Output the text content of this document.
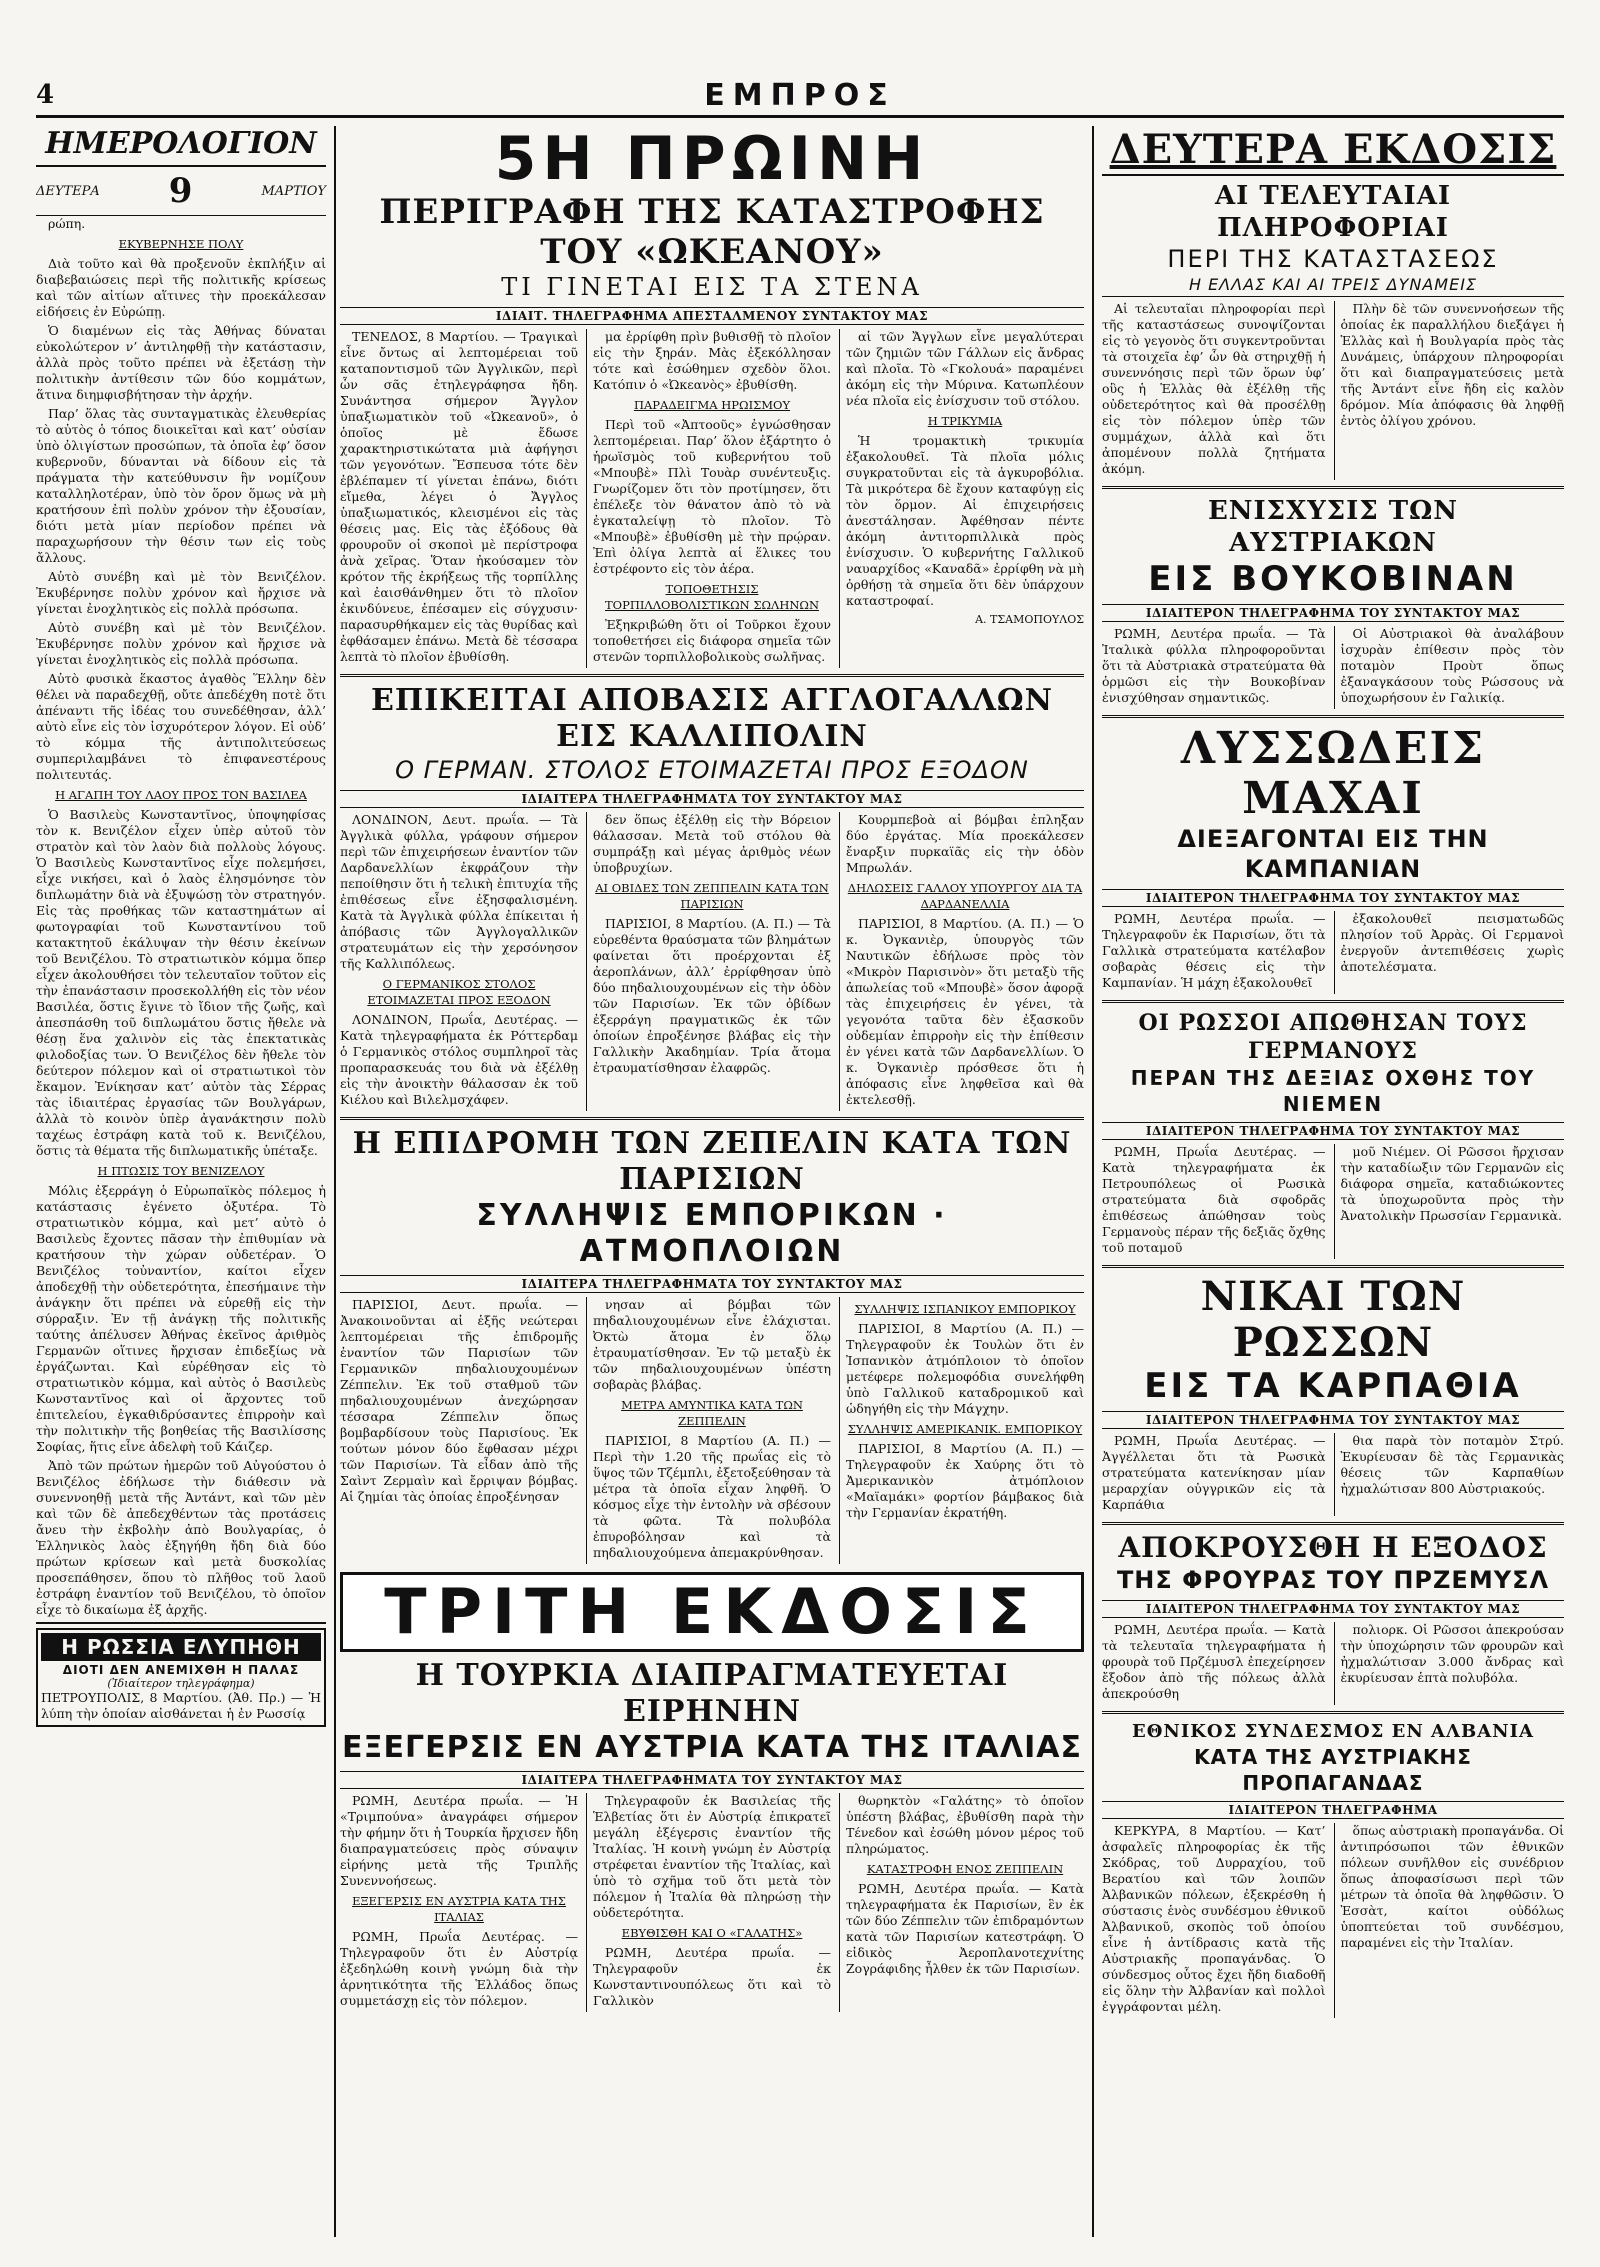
4	ΕΜΠΡΟΣ
ΗΜΕΡΟΛΟΓΙΟΝ
ΔΕΥΤΕΡΑ 9	ΜΑΡΤΙΟΥ

ρώπη.

ΕΚΥΒΕΡΝΗΣΕ ΠΟΛΥ

Διὰ τοῦτο καὶ θὰ προξενοῦν ἐκπλήξιν αἱ διαβεβαιώσεις περὶ τῆς πολιτικῆς κρίσεως καὶ τῶν αἰτίων αἵτινες τὴν προεκάλεσαν εἰδήσεις ἐν Εὐρώπῃ.

Ὁ διαμένων εἰς τὰς Ἀθήνας δύναται εὐκολώτερον ν’ ἀντιληφθῇ τὴν κατάστασιν, ἀλλὰ πρὸς τοῦτο πρέπει νὰ ἐξετάσῃ τὴν πολιτικὴν ἀντίθεσιν τῶν δύο κομμάτων, ἅτινα διημφισβήτησαν τὴν ἀρχήν.

Παρ’ ὅλας τὰς συνταγματικὰς ἐλευθερίας τὸ αὐτὸς ὁ τόπος διοικεῖται καὶ κατ’ οὐσίαν ὑπὸ ὀλιγίστων προσώπων, τὰ ὁποῖα ἐφ’ ὅσον κυβερνοῦν, δύνανται νὰ δίδουν εἰς τὰ πράγματα τὴν κατεύθυνσιν ἣν νομίζουν καταλληλοτέραν, ὑπὸ τὸν ὅρον ὅμως νὰ μὴ κρατήσουν ἐπὶ πολὺν χρόνον τὴν ἐξουσίαν, διότι μετὰ μίαν περίοδον πρέπει νὰ παραχωρήσουν τὴν θέσιν των εἰς τοὺς ἄλλους.

Αὐτὸ συνέβη καὶ μὲ τὸν Βενιζέλον. Ἐκυβέρνησε πολὺν χρόνον καὶ ἤρχισε νὰ γίνεται ἐνοχλητικὸς εἰς πολλὰ πρόσωπα.

Αὐτὸ συνέβη καὶ μὲ τὸν Βενιζέλον. Ἐκυβέρνησε πολὺν χρόνον καὶ ἤρχισε νὰ γίνεται ἐνοχλητικὸς εἰς πολλὰ πρόσωπα.

Αὐτὸ φυσικὰ ἕκαστος ἀγαθὸς Ἕλλην δὲν θέλει νὰ παραδεχθῇ, οὔτε ἀπεδέχθη ποτὲ ὅτι ἀπέναντι τῆς ἰδέας του συνεδέθησαν, ἀλλ’ αὐτὸ εἶνε εἰς τὸν ἰσχυρότερον λόγον. Εἰ οὐδ’ τὸ κόμμα τῆς ἀντιπολιτεύσεως συμπεριλαμβάνει τὸ ἐπιφανεστέρους πολιτευτάς.

Η ΑΓΑΠΗ ΤΟΥ ΛΑΟΥ ΠΡΟΣ ΤΟΝ ΒΑΣΙΛΕΑ

Ὁ Βασιλεὺς Κωνσταντῖνος, ὑποψηφίσας τὸν κ. Βενιζέλον εἶχεν ὑπὲρ αὐτοῦ τὸν στρατὸν καὶ τὸν λαὸν διὰ πολλοὺς λόγους. Ὁ Βασιλεὺς Κωνσταντῖνος εἶχε πολεμήσει, εἶχε νικήσει, καὶ ὁ λαὸς ἐλησμόνησε τὸν διπλωμάτην διὰ νὰ ἐξυψώσῃ τὸν στρατηγόν. Εἰς τὰς προθήκας τῶν καταστημάτων αἱ φωτογραφίαι τοῦ Κωνσταντίνου τοῦ κατακτητοῦ ἐκάλυψαν τὴν θέσιν ἐκείνων τοῦ Βενιζέλου. Τὸ στρατιωτικὸν κόμμα ὅπερ εἶχεν ἀκολουθήσει τὸν τελευταῖον τοῦτον εἰς τὴν ἐπανάστασιν προσεκολλήθη εἰς τὸν νέον Βασιλέα, ὅστις ἔγινε τὸ ἴδιον τῆς ζωῆς, καὶ ἀπεσπάσθη τοῦ διπλωμάτου ὅστις ἤθελε νὰ θέσῃ ἕνα χαλινὸν εἰς τὰς ἐπεκτατικὰς φιλοδοξίας των. Ὁ Βενιζέλος δὲν ἤθελε τὸν δεύτερον πόλεμον καὶ οἱ στρατιωτικοὶ τὸν ἔκαμον. Ἐνίκησαν κατ’ αὐτὸν τὰς Σέρρας τὰς ἰδιαιτέρας ἐργασίας τῶν Βουλγάρων, ἀλλὰ τὸ κοινὸν ὑπὲρ ἀγανάκτησιν πολὺ ταχέως ἐστράφη κατὰ τοῦ κ. Βενιζέλου, ὅστις τὰ θέματα τῆς διπλωματικῆς ὑπέταξε.

Η ΠΤΩΣΙΣ ΤΟΥ ΒΕΝΙΖΕΛΟΥ

Μόλις ἐξερράγη ὁ Εὐρωπαϊκὸς πόλεμος ἡ κατάστασις ἐγένετο ὀξυτέρα. Τὸ στρατιωτικὸν κόμμα, καὶ μετ’ αὐτὸ ὁ Βασιλεὺς ἔχοντες πᾶσαν τὴν ἐπιθυμίαν νὰ κρατήσουν τὴν χώραν οὐδετέραν. Ὁ Βενιζέλος τοὐναντίον, καίτοι εἶχεν ἀποδεχθῇ τὴν οὐδετερότητα, ἐπεσήμαινε τὴν ἀνάγκην ὅτι πρέπει νὰ εὑρεθῇ εἰς τὴν σύρραξιν. Ἐν τῇ ἀνάγκῃ τῆς πολιτικῆς ταύτης ἀπέλυσεν Ἀθήνας ἐκεῖνος ἀριθμὸς Γερμανῶν οἵτινες ἤρχισαν ἐπιδεξίως νὰ ἐργάζωνται. Καὶ εὑρέθησαν εἰς τὸ στρατιωτικὸν κόμμα, καὶ αὐτὸς ὁ Βασιλεὺς Κωνσταντῖνος καὶ οἱ ἄρχοντες τοῦ ἐπιτελείου, ἐγκαθιδρύσαντες ἐπιρροὴν καὶ τὴν πολιτικὴν τῆς βοηθείας τῆς Βασιλίσσης Σοφίας, ἥτις εἶνε ἀδελφὴ τοῦ Κάιζερ.

Ἀπὸ τῶν πρώτων ἡμερῶν τοῦ Αὐγούστου ὁ Βενιζέλος ἐδήλωσε τὴν διάθεσιν νὰ συνεννοηθῇ μετὰ τῆς Ἀντάντ, καὶ τῶν μὲν καὶ τῶν δὲ ἀπεδεχθέντων τὰς προτάσεις ἄνευ τὴν ἐκβολὴν ἀπὸ Βουλγαρίας, ὁ Ἑλληνικὸς λαὸς ἐξηγήθη ἤδη διὰ δύο πρώτων κρίσεων καὶ μετὰ δυσκολίας προσεπάθησεν, ὅπου τὸ πλῆθος τοῦ λαοῦ ἐστράφη ἐναντίον τοῦ Βενιζέλου, τὸ ὁποῖον εἶχε τὸ δικαίωμα ἐξ ἀρχῆς.

Η ΡΩΣΣΙΑ ΕΛΥΠΗΘΗ
ΔΙΟΤΙ ΔΕΝ ΑΝΕΜΙΧΘΗ Η ΠΑΛΑΣ
(Ἰδιαίτερον τηλεγράφημα)
ΠΕΤΡΟΥΠΟΛΙΣ, 8 Μαρτίου. (Ἀθ. Πρ.) — Ἡ λύπη τὴν ὁποίαν αἰσθάνεται ἡ ἐν Ρωσσίᾳ
5Η ΠΡΩΙΝΗ
ΠΕΡΙΓΡΑΦΗ ΤΗΣ ΚΑΤΑΣΤΡΟΦΗΣ ΤΟΥ «ΩΚΕΑΝΟΥ»
ΤΙ ΓΙΝΕΤΑΙ ΕΙΣ ΤΑ ΣΤΕΝΑ
ΙΔΙΑΙΤ. ΤΗΛΕΓΡΑΦΗΜΑ ΑΠΕΣΤΑΛΜΕΝΟΥ ΣΥΝΤΑΚΤΟΥ ΜΑΣ

ΤΕΝΕΔΟΣ, 8 Μαρτίου. — Τραγικαὶ εἶνε ὄντως αἱ λεπτομέρειαι τοῦ καταποντισμοῦ τῶν Ἀγγλικῶν, περὶ ὧν σᾶς ἐτηλεγράφησα ἤδη. Συνάντησα σήμερον Ἄγγλον ὑπαξιωματικὸν τοῦ «Ὠκεανοῦ», ὁ ὁποῖος μὲ ἔδωσε χαρακτηριστικώτατα μιὰ ἀφήγησι τῶν γεγονότων. Ἔσπευσα τότε δὲν ἐβλέπαμεν τί γίνεται ἐπάνω, διότι εἴμεθα, λέγει ὁ Ἄγγλος ὑπαξιωματικός, κλεισμένοι εἰς τὰς θέσεις μας. Εἰς τὰς ἐξόδους θὰ φρουροῦν οἱ σκοποὶ μὲ περίστροφα ἀνὰ χεῖρας. Ὅταν ἠκούσαμεν τὸν κρότον τῆς ἐκρήξεως τῆς τορπίλλης καὶ ἐαισθάνθημεν ὅτι τὸ πλοῖον ἐκινδύνευε, ἐπέσαμεν εἰς σύγχυσιν· παρασυρθήκαμεν εἰς τὰς θυρίδας καὶ ἐφθάσαμεν ἐπάνω. Μετὰ δὲ τέσσαρα λεπτὰ τὸ πλοῖον ἐβυθίσθη.

μα ἐρρίφθη πρὶν βυθισθῇ τὸ πλοῖον εἰς τὴν ξηράν. Μὰς ἐξεκόλλησαν τότε καὶ ἐσώθημεν σχεδὸν ὅλοι. Κατόπιν ὁ «Ὠκεανὸς» ἐβυθίσθη.

ΠΑΡΑΔΕΙΓΜΑ ΗΡΩΙΣΜΟΥ

Περὶ τοῦ «Ἀπτοοῦς» ἐγνώσθησαν λεπτομέρειαι. Παρ’ ὅλον ἐξάρτητο ὁ ἡρωϊσμὸς τοῦ κυβερνήτου τοῦ «Μπουβὲ» Πλὶ Τουὰρ συνέντευξις. Γνωρίζομεν ὅτι τὸν προτίμησεν, ὅτι ἐπέλεξε τὸν θάνατον ἀπὸ τὸ νὰ ἐγκαταλείψῃ τὸ πλοῖον. Τὸ «Μπουβὲ» ἐβυθίσθη μὲ τὴν πρῴραν. Ἐπὶ ὀλίγα λεπτὰ αἱ ἕλικες του ἐστρέφοντο εἰς τὸν ἀέρα.

ΤΟΠΟΘΕΤΗΣΙΣ ΤΟΡΠΙΛΛΟΒΟΛΙΣΤΙΚΩΝ ΣΩΛΗΝΩΝ

Ἐξηκριβώθη ὅτι οἱ Τοῦρκοι ἔχουν τοποθετήσει εἰς διάφορα σημεῖα τῶν στενῶν τορπιλλοβολικοὺς σωλῆνας.

αἱ τῶν Ἄγγλων εἶνε μεγαλύτεραι τῶν ζημιῶν τῶν Γάλλων εἰς ἄνδρας καὶ πλοῖα. Τὸ «Γκολουά» παραμένει ἀκόμη εἰς τὴν Μύρινα. Κατωπλέουν νέα πλοῖα εἰς ἐνίσχυσιν τοῦ στόλου.

Η ΤΡΙΚΥΜΙΑ

Ἡ τρομακτικὴ τρικυμία ἐξακολουθεῖ. Τὰ πλοῖα μόλις συγκρατοῦνται εἰς τὰ ἀγκυροβόλια. Τὰ μικρότερα δὲ ἔχουν καταφύγῃ εἰς τὸν ὅρμον. Αἱ ἐπιχειρήσεις ἀνεστάλησαν. Ἀφέθησαν πέντε ἀκόμη ἀντιτορπιλλικὰ πρὸς ἐνίσχυσιν. Ὁ κυβερνήτης Γαλλικοῦ ναυαρχίδος «Καναδᾶ» ἐρρίφθη νὰ μὴ ὀρθήσῃ τὰ σημεῖα ὅτι δὲν ὑπάρχουν καταστροφαί.

Α. ΤΣΑΜΟΠΟΥΛΟΣ
ΕΠΙΚΕΙΤΑΙ ΑΠΟΒΑΣΙΣ ΑΓΓΛΟΓΑΛΛΩΝ ΕΙΣ ΚΑΛΛΙΠΟΛΙΝ
Ο ΓΕΡΜΑΝ. ΣΤΟΛΟΣ ΕΤΟΙΜΑΖΕΤΑΙ ΠΡΟΣ ΕΞΟΔΟΝ
ΙΔΙΑΙΤΕΡΑ ΤΗΛΕΓΡΑΦΗΜΑΤΑ ΤΟΥ ΣΥΝΤΑΚΤΟΥ ΜΑΣ

ΛΟΝΔΙΝΟΝ, Δευτ. πρωΐα. — Τὰ Ἀγγλικὰ φύλλα, γράφουν σήμερον περὶ τῶν ἐπιχειρήσεων ἐναντίον τῶν Δαρδανελλίων ἐκφράζουν τὴν πεποίθησιν ὅτι ἡ τελικὴ ἐπιτυχία τῆς ἐπιθέσεως εἶνε ἐξησφαλισμένη. Κατὰ τὰ Ἀγγλικὰ φύλλα ἐπίκειται ἡ ἀπόβασις τῶν Ἀγγλογαλλικῶν στρατευμάτων εἰς τὴν χερσόνησον τῆς Καλλιπόλεως.

Ο ΓΕΡΜΑΝΙΚΟΣ ΣΤΟΛΟΣ ΕΤΟΙΜΑΖΕΤΑΙ ΠΡΟΣ ΕΞΟΔΟΝ

ΛΟΝΔΙΝΟΝ, Πρωΐα, Δευτέρας. — Κατὰ τηλεγραφήματα ἐκ Ρόττερδαμ ὁ Γερμανικὸς στόλος συμπληροῖ τὰς προπαρασκευάς του διὰ νὰ ἐξέλθῃ εἰς τὴν ἀνοικτὴν θάλασσαν ἐκ τοῦ Κιέλου καὶ Βιλελμσχάφεν.

δεν ὅπως ἐξέλθῃ εἰς τὴν Βόρειον θάλασσαν. Μετὰ τοῦ στόλου θὰ συμπράξῃ καὶ μέγας ἀριθμὸς νέων ὑποβρυχίων.

ΑΙ ΟΒΙΔΕΣ ΤΩΝ ΖΕΠΠΕΛΙΝ ΚΑΤΑ ΤΩΝ ΠΑΡΙΣΙΩΝ

ΠΑΡΙΣΙΟΙ, 8 Μαρτίου. (Α. Π.) — Τὰ εὑρεθέντα θραύσματα τῶν βλημάτων φαίνεται ὅτι προέρχονται ἐξ ἀεροπλάνων, ἀλλ’ ἐρρίφθησαν ὑπὸ δύο πηδαλιουχουμένων εἰς τὴν ὁδὸν τῶν Παρισίων. Ἐκ τῶν ὀβίδων ἐξερράγη πραγματικῶς ἐκ τῶν ὁποίων ἐπροξένησε βλάβας εἰς τὴν Γαλλικὴν Ἀκαδημίαν. Τρία ἄτομα ἐτραυματίσθησαν ἐλαφρῶς.

Κουρμπεβοὰ αἱ βόμβαι ἐπληξαν δύο ἐργάτας. Μία προεκάλεσεν ἔναρξιν πυρκαϊᾶς εἰς τὴν ὁδὸν Μπρωλάν.

ΔΗΛΩΣΕΙΣ ΓΑΛΛΟΥ ΥΠΟΥΡΓΟΥ ΔΙΑ ΤΑ ΔΑΡΔΑΝΕΛΛΙΑ

ΠΑΡΙΣΙΟΙ, 8 Μαρτίου. (Α. Π.) — Ὁ κ. Ὀγκανιὲρ, ὑπουργὸς τῶν Ναυτικῶν ἐδήλωσε πρὸς τὸν «Μικρὸν Παρισινὸν» ὅτι μεταξὺ τῆς ἀπωλείας τοῦ «Μπουβὲ» ὅσον ἀφορᾷ τὰς ἐπιχειρήσεις ἐν γένει, τὰ γεγονότα ταῦτα δὲν ἐξασκοῦν οὐδεμίαν ἐπιρροὴν εἰς τὴν ἐπίθεσιν ἐν γένει κατὰ τῶν Δαρδανελλίων. Ὁ κ. Ὀγκανιὲρ πρόσθεσε ὅτι ἡ ἀπόφασις εἶνε ληφθεῖσα καὶ θὰ ἐκτελεσθῇ.

Η ΕΠΙΔΡΟΜΗ ΤΩΝ ΖΕΠΕΛΙΝ ΚΑΤΑ ΤΩΝ ΠΑΡΙΣΙΩΝ
ΣΥΛΛΗΨΙΣ ΕΜΠΟΡΙΚΩΝ · ΑΤΜΟΠΛΟΙΩΝ
ΙΔΙΑΙΤΕΡΑ ΤΗΛΕΓΡΑΦΗΜΑΤΑ ΤΟΥ ΣΥΝΤΑΚΤΟΥ ΜΑΣ

ΠΑΡΙΣΙΟΙ, Δευτ. πρωΐα. — Ἀνακοινοῦνται αἱ ἑξῆς νεώτεραι λεπτομέρειαι τῆς ἐπιδρομῆς ἐναντίον τῶν Παρισίων τῶν Γερμανικῶν πηδαλιουχουμένων Ζέππελιν. Ἐκ τοῦ σταθμοῦ τῶν πηδαλιουχουμένων ἀνεχώρησαν τέσσαρα Ζέππελιν ὅπως βομβαρδίσουν τοὺς Παρισίους. Ἐκ τούτων μόνον δύο ἔφθασαν μέχρι τῶν Παρισίων. Τὰ εἶδαν ἀπὸ τῆς Σαὶντ Ζερμαὶν καὶ ἔρριψαν βόμβας. Αἱ ζημίαι τὰς ὁποίας ἐπροξένησαν

νησαν αἱ βόμβαι τῶν πηδαλιουχουμένων εἶνε ἐλάχισται. Ὀκτὼ ἄτομα ἐν ὅλῳ ἐτραυματίσθησαν. Ἐν τῷ μεταξὺ ἐκ τῶν πηδαλιουχουμένων ὑπέστη σοβαρὰς βλάβας.

ΜΕΤΡΑ ΑΜΥΝΤΙΚΑ ΚΑΤΑ ΤΩΝ ΖΕΠΠΕΛΙΝ

ΠΑΡΙΣΙΟΙ, 8 Μαρτίου (Α. Π.) — Περὶ τὴν 1.20 τῆς πρωΐας εἰς τὸ ὕψος τῶν Τζέμπλι, ἐξετοξεύθησαν τὰ μέτρα τὰ ὁποῖα εἶχαν ληφθῆ. Ὁ κόσμος εἶχε τὴν ἐντολὴν νὰ σβέσουν τὰ φῶτα. Τὰ πολυβόλα ἐπυροβόλησαν καὶ τὰ πηδαλιουχούμενα ἀπεμακρύνθησαν.

ΣΥΛΛΗΨΙΣ ΙΣΠΑΝΙΚΟΥ ΕΜΠΟΡΙΚΟΥ

ΠΑΡΙΣΙΟΙ, 8 Μαρτίου (Α. Π.) — Τηλεγραφοῦν ἐκ Τουλὼν ὅτι ἐν Ἰσπανικὸν ἀτμόπλοιον τὸ ὁποῖον μετέφερε πολεμοφόδια συνελήφθη ὑπὸ Γαλλικοῦ καταδρομικοῦ καὶ ὡδηγήθη εἰς τὴν Μάγχην.

ΣΥΛΛΗΨΙΣ ΑΜΕΡΙΚΑΝΙΚ. ΕΜΠΟΡΙΚΟΥ

ΠΑΡΙΣΙΟΙ, 8 Μαρτίου (Α. Π.) — Τηλεγραφοῦν ἐκ Χαύρης ὅτι τὸ Ἀμερικανικὸν ἀτμόπλοιον «Μαϊαμάκι» φορτίον βάμβακος διὰ τὴν Γερμανίαν ἐκρατήθη.

ΤΡΙΤΗ ΕΚΔΟΣΙΣ
Η ΤΟΥΡΚΙΑ ΔΙΑΠΡΑΓΜΑΤΕΥΕΤΑΙ ΕΙΡΗΝΗΝ
ΕΞΕΓΕΡΣΙΣ ΕΝ ΑΥΣΤΡΙΑ ΚΑΤΑ ΤΗΣ ΙΤΑΛΙΑΣ
ΙΔΙΑΙΤΕΡΑ ΤΗΛΕΓΡΑΦΗΜΑΤΑ ΤΟΥ ΣΥΝΤΑΚΤΟΥ ΜΑΣ

ΡΩΜΗ, Δευτέρα πρωΐα. — Ἡ «Τριμπούνα» ἀναγράφει σήμερον τὴν φήμην ὅτι ἡ Τουρκία ἤρχισεν ἤδη διαπραγματεύσεις πρὸς σύναψιν εἰρήνης μετὰ τῆς Τριπλῆς Συνεννοήσεως.

ΕΞΕΓΕΡΣΙΣ ΕΝ ΑΥΣΤΡΙΑ ΚΑΤΑ ΤΗΣ ΙΤΑΛΙΑΣ

ΡΩΜΗ, Πρωΐα Δευτέρας. — Τηλεγραφοῦν ὅτι ἐν Αὐστρίᾳ ἐξεδηλώθη κοινὴ γνώμη διὰ τὴν ἀρνητικότητα τῆς Ἑλλάδος ὅπως συμμετάσχῃ εἰς τὸν πόλεμον.

Τηλεγραφοῦν ἐκ Βασιλείας τῆς Ἑλβετίας ὅτι ἐν Αὐστρίᾳ ἐπικρατεῖ μεγάλη ἐξέγερσις ἐναντίον τῆς Ἰταλίας. Ἡ κοινὴ γνώμη ἐν Αὐστρίᾳ στρέφεται ἐναντίον τῆς Ἰταλίας, καὶ ὑπὸ τὸ σχῆμα τοῦ ὅτι μετὰ τὸν πόλεμον ἡ Ἰταλία θὰ πληρώσῃ τὴν οὐδετερότητα.

ΕΒΥΘΙΣΘΗ ΚΑΙ Ο «ΓΑΛΑΤΗΣ»

ΡΩΜΗ, Δευτέρα πρωΐα. — Τηλεγραφοῦν ἐκ Κωνσταντινουπόλεως ὅτι καὶ τὸ Γαλλικὸν

θωρηκτὸν «Γαλάτης» τὸ ὁποῖον ὑπέστη βλάβας, ἐβυθίσθη παρὰ τὴν Τένεδον καὶ ἐσώθη μόνον μέρος τοῦ πληρώματος.

ΚΑΤΑΣΤΡΟΦΗ ΕΝΟΣ ΖΕΠΠΕΛΙΝ

ΡΩΜΗ, Δευτέρα πρωΐα. — Κατὰ τηλεγραφήματα ἐκ Παρισίων, ἓν ἐκ τῶν δύο Ζέππελιν τῶν ἐπιδραμόντων κατὰ τῶν Παρισίων κατεστράφη. Ὁ εἰδικὸς Ἀεροπλανοτεχνίτης Ζογράφιδης ἦλθεν ἐκ τῶν Παρισίων.

ΔΕΥΤΕΡΑ ΕΚΔΟΣΙΣ
ΑΙ ΤΕΛΕΥΤΑΙΑΙ ΠΛΗΡΟΦΟΡΙΑΙ
ΠΕΡΙ ΤΗΣ ΚΑΤΑΣΤΑΣΕΩΣ
Η ΕΛΛΑΣ ΚΑΙ ΑΙ ΤΡΕΙΣ ΔΥΝΑΜΕΙΣ

Αἱ τελευταῖαι πληροφορίαι περὶ τῆς καταστάσεως συνοψίζονται εἰς τὸ γεγονὸς ὅτι συγκεντροῦνται τὰ στοιχεῖα ἐφ’ ὧν θὰ στηριχθῇ ἡ συνεννόησις περὶ τῶν ὅρων ὑφ’ οὓς ἡ Ἑλλὰς θὰ ἐξέλθῃ τῆς οὐδετερότητος καὶ θὰ προσέλθῃ εἰς τὸν πόλεμον ὑπὲρ τῶν συμμάχων, ἀλλὰ καὶ ὅτι ἀπομένουν πολλὰ ζητήματα ἀκόμη.

Πλὴν δὲ τῶν συνεννοήσεων τῆς ὁποίας ἐκ παραλλήλου διεξάγει ἡ Ἑλλὰς καὶ ἡ Βουλγαρία πρὸς τὰς Δυνάμεις, ὑπάρχουν πληροφορίαι ὅτι καὶ διαπραγματεύσεις μετὰ τῆς Ἀντάντ εἶνε ἤδη εἰς καλὸν δρόμον. Μία ἀπόφασις θὰ ληφθῇ ἐντὸς ὀλίγου χρόνου.

ΕΝΙΣΧΥΣΙΣ ΤΩΝ ΑΥΣΤΡΙΑΚΩΝ
ΕΙΣ ΒΟΥΚΟΒΙΝΑΝ
ΙΔΙΑΙΤΕΡΟΝ ΤΗΛΕΓΡΑΦΗΜΑ ΤΟΥ ΣΥΝΤΑΚΤΟΥ ΜΑΣ

ΡΩΜΗ, Δευτέρα πρωΐα. — Τὰ Ἰταλικὰ φύλλα πληροφοροῦνται ὅτι τὰ Αὐστριακὰ στρατεύματα θὰ ὁρμῶσι εἰς τὴν Βουκοβίναν ἐνισχύθησαν σημαντικῶς.

Οἱ Αὐστριακοὶ θὰ ἀναλάβουν ἰσχυρὰν ἐπίθεσιν πρὸς τὸν ποταμὸν Προὺτ ὅπως ἐξαναγκάσουν τοὺς Ρώσσους νὰ ὑποχωρήσουν ἐν Γαλικίᾳ.

ΛΥΣΣΩΔΕΙΣ ΜΑΧΑΙ
ΔΙΕΞΑΓΟΝΤΑΙ ΕΙΣ ΤΗΝ ΚΑΜΠΑΝΙΑΝ
ΙΔΙΑΙΤΕΡΟΝ ΤΗΛΕΓΡΑΦΗΜΑ ΤΟΥ ΣΥΝΤΑΚΤΟΥ ΜΑΣ

ΡΩΜΗ, Δευτέρα πρωΐα. — Τηλεγραφοῦν ἐκ Παρισίων, ὅτι τὰ Γαλλικὰ στρατεύματα κατέλαβον σοβαρὰς θέσεις εἰς τὴν Καμπανίαν. Ἡ μάχη ἐξακολουθεῖ

ἐξακολουθεῖ πεισματωδῶς πλησίον τοῦ Ἀρρὰς. Οἱ Γερμανοὶ ἐνεργοῦν ἀντεπιθέσεις χωρὶς ἀποτελέσματα.

ΟΙ ΡΩΣΣΟΙ ΑΠΩΘΗΣΑΝ ΤΟΥΣ ΓΕΡΜΑΝΟΥΣ
ΠΕΡΑΝ ΤΗΣ ΔΕΞΙΑΣ ΟΧΘΗΣ ΤΟΥ ΝΙΕΜΕΝ
ΙΔΙΑΙΤΕΡΟΝ ΤΗΛΕΓΡΑΦΗΜΑ ΤΟΥ ΣΥΝΤΑΚΤΟΥ ΜΑΣ

ΡΩΜΗ, Πρωΐα Δευτέρας. — Κατὰ τηλεγραφήματα ἐκ Πετρουπόλεως οἱ Ρωσικὰ στρατεύματα διὰ σφοδρᾶς ἐπιθέσεως ἀπώθησαν τοὺς Γερμανοὺς πέραν τῆς δεξιᾶς ὄχθης τοῦ ποταμοῦ

μοῦ Νιέμεν. Οἱ Ρῶσσοι ἤρχισαν τὴν καταδίωξιν τῶν Γερμανῶν εἰς διάφορα σημεῖα, καταδιώκοντες τὰ ὑποχωροῦντα πρὸς τὴν Ἀνατολικὴν Πρωσσίαν Γερμανικὰ.

ΝΙΚΑΙ ΤΩΝ ΡΩΣΣΩΝ
ΕΙΣ ΤΑ ΚΑΡΠΑΘΙΑ
ΙΔΙΑΙΤΕΡΟΝ ΤΗΛΕΓΡΑΦΗΜΑ ΤΟΥ ΣΥΝΤΑΚΤΟΥ ΜΑΣ

ΡΩΜΗ, Πρωΐα Δευτέρας. — Ἀγγέλλεται ὅτι τὰ Ρωσικὰ στρατεύματα κατενίκησαν μίαν μεραρχίαν οὐγγρικῶν εἰς τὰ Καρπάθια

θια παρὰ τὸν ποταμὸν Στρύ. Ἐκυρίευσαν δὲ τὰς Γερμανικὰς θέσεις τῶν Καρπαθίων ἠχμαλώτισαν 800 Αὐστριακούς.

ΑΠΟΚΡΟΥΣΘΗ Η ΕΞΟΔΟΣ
ΤΗΣ ΦΡΟΥΡΑΣ ΤΟΥ ΠΡΖΕΜΥΣΛ
ΙΔΙΑΙΤΕΡΟΝ ΤΗΛΕΓΡΑΦΗΜΑ ΤΟΥ ΣΥΝΤΑΚΤΟΥ ΜΑΣ

ΡΩΜΗ, Δευτέρα πρωΐα. — Κατὰ τὰ τελευταῖα τηλεγραφήματα ἡ φρουρὰ τοῦ Πρζέμυσλ ἐπεχείρησεν ἔξοδον ἀπὸ τῆς πόλεως ἀλλὰ ἀπεκρούσθη

πολιορκ. Οἱ Ρῶσσοι ἀπεκρούσαν τὴν ὑποχώρησιν τῶν φρουρῶν καὶ ἠχμαλώτισαν 3.000 ἄνδρας καὶ ἐκυρίευσαν ἑπτὰ πολυβόλα.

ΕΘΝΙΚΟΣ ΣΥΝΔΕΣΜΟΣ ΕΝ ΑΛΒΑΝΙΑ
ΚΑΤΑ ΤΗΣ ΑΥΣΤΡΙΑΚΗΣ ΠΡΟΠΑΓΑΝΔΑΣ
ΙΔΙΑΙΤΕΡΟΝ ΤΗΛΕΓΡΑΦΗΜΑ

ΚΕΡΚΥΡΑ, 8 Μαρτίου. — Κατ’ ἀσφαλεῖς πληροφορίας ἐκ τῆς Σκόδρας, τοῦ Δυρραχίου, τοῦ Βερατίου καὶ τῶν λοιπῶν Ἀλβανικῶν πόλεων, ἐξεκρέσθη ἡ σύστασις ἑνὸς συνδέσμου ἐθνικοῦ Ἀλβανικοῦ, σκοπὸς τοῦ ὁποίου εἶνε ἡ ἀντίδρασις κατὰ τῆς Αὐστριακῆς προπαγάνδας. Ὁ σύνδεσμος οὗτος ἔχει ἤδη διαδοθῆ εἰς ὅλην τὴν Ἀλβανίαν καὶ πολλοὶ ἐγγράφονται μέλη.

ὅπως αὐστριακὴ προπαγάνδα. Οἱ ἀντιπρόσωποι τῶν ἐθνικῶν πόλεων συνῆλθον εἰς συνέδριον ὅπως ἀποφασίσωσι περὶ τῶν μέτρων τὰ ὁποῖα θὰ ληφθῶσιν. Ὁ Ἐσσὰτ, καίτοι οὐδόλως ὑποπτεύεται τοῦ συνδέσμου, παραμένει εἰς τὴν Ἰταλίαν.
